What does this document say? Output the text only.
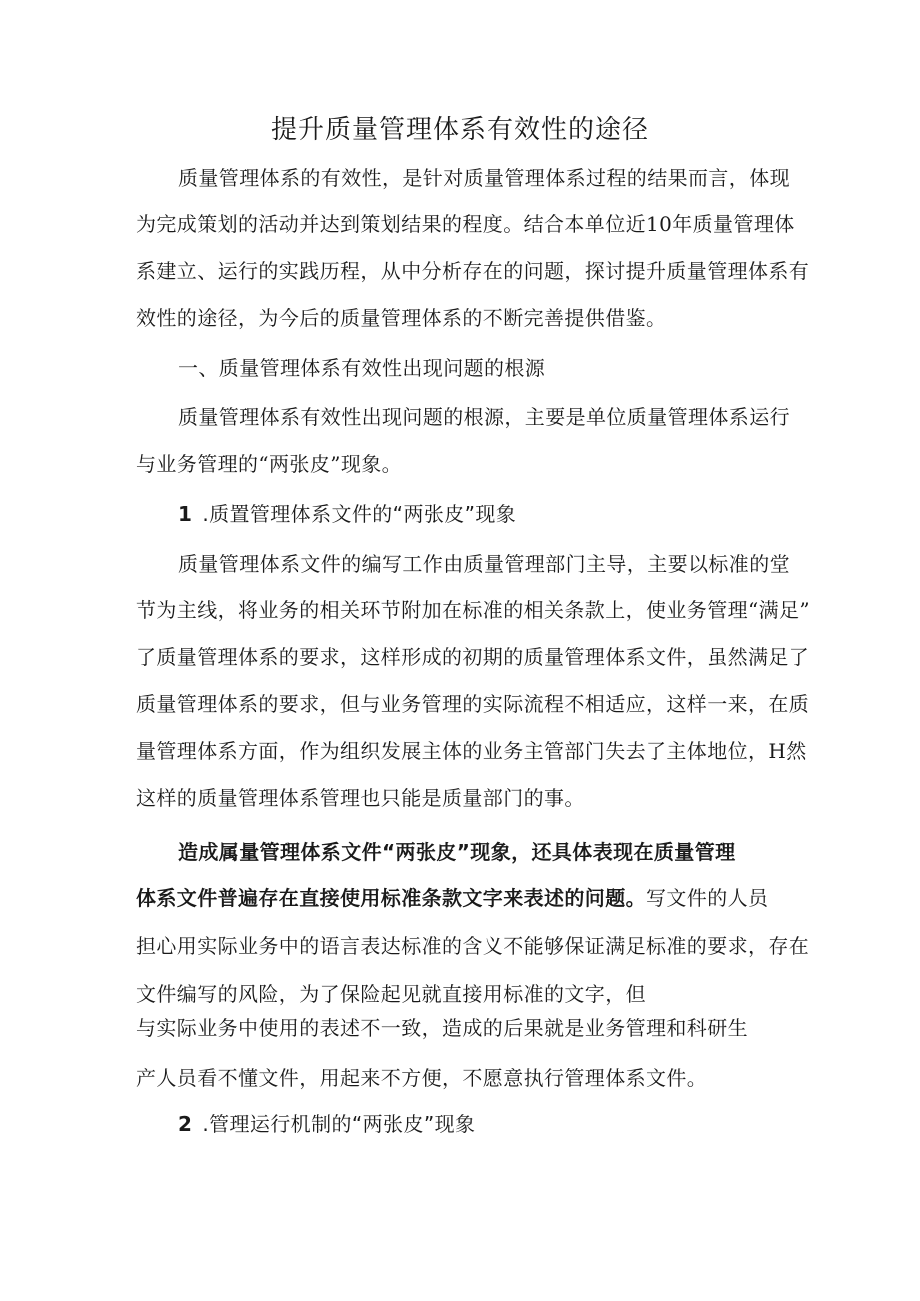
提升质量管理体系有效性的途径
质量管理体系的有效性，是针对质量管理体系过程的结果而言，体现
为完成策划的活动并达到策划结果的程度。结合本单位近10年质量管理体
系建立、运行的实践历程，从中分析存在的问题，探讨提升质量管理体系有
效性的途径，为今后的质量管理体系的不断完善提供借鉴。
一、质量管理体系有效性出现问题的根源
质量管理体系有效性出现问题的根源，主要是单位质量管理体系运行
与业务管理的“两张皮”现象。
1 .质置管理体系文件的“两张皮”现象
质量管理体系文件的编写工作由质量管理部门主导，主要以标准的堂
节为主线，将业务的相关环节附加在标准的相关条款上，使业务管理“满足”
了质量管理体系的要求，这样形成的初期的质量管理体系文件，虽然满足了
质量管理体系的要求，但与业务管理的实际流程不相适应，这样一来，在质
量管理体系方面，作为组织发展主体的业务主管部门失去了主体地位，H然
这样的质量管理体系管理也只能是质量部门的事。
造成属量管理体系文件“两张皮”现象，还具体表现在质量管理
体系文件普遍存在直接使用标准条款文字来表述的问题。写文件的人员
担心用实际业务中的语言表达标准的含义不能够保证满足标准的要求，存在
文件编写的风险，为了保险起见就直接用标准的文字，但
与实际业务中使用的表述不一致，造成的后果就是业务管理和科研生
产人员看不懂文件，用起来不方便，不愿意执行管理体系文件。
2 .管理运行机制的“两张皮”现象
